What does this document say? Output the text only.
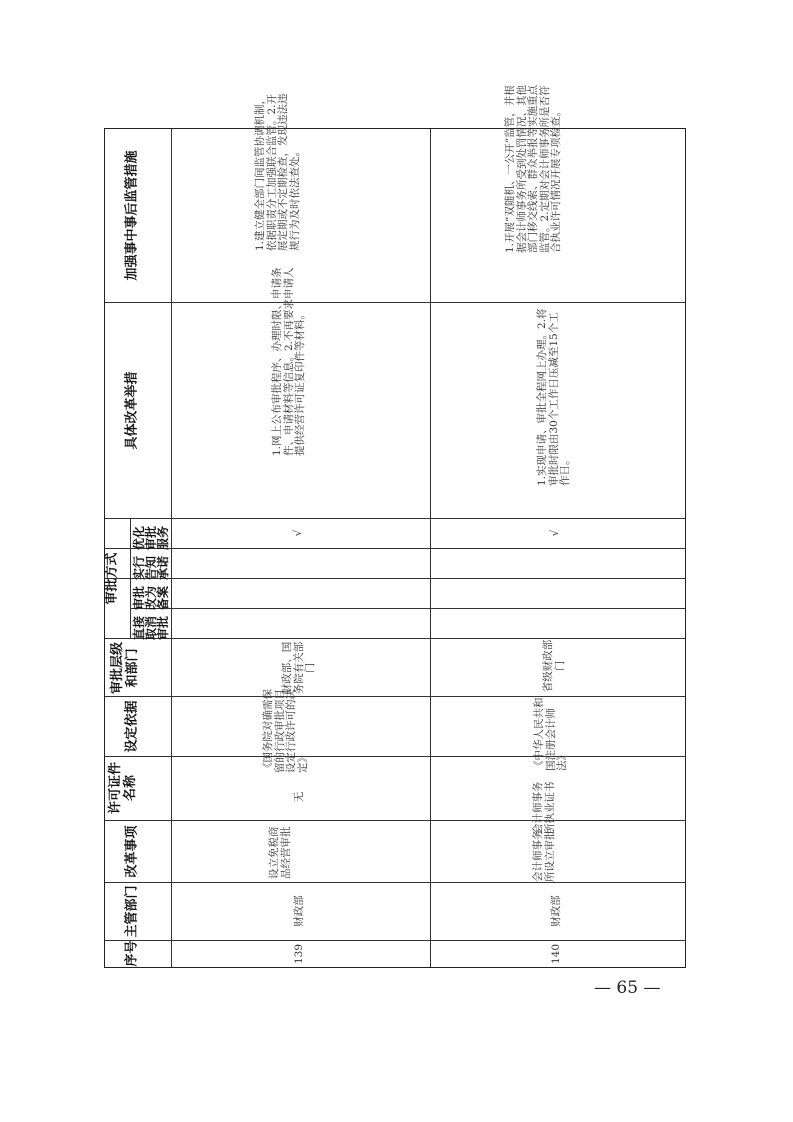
加强事中事后监管措施
具体改革举措
优化审批服务
实行告知承诺
审批改为备案
直接取消审批
审批方式
审批层级和部门
设定依据
许可证件名称
改革事项
主管部门
序号
1.建立健全部门间监管协调机制，依据职责分工加强联合监管。2.开展定期或不定期检查，发现违法违规行为及时依法查处。
1.网上公布审批程序、办理时限、申请条件、申请材料等信息。2.不再要求申请人提供经营许可证复印件等材料。
√
财政部、国务院有关部门
《国务院对确需保留的行政审批项目设定行政许可的决定》
无
设立免税商品经营审批
财政部
139
1.开展“双随机、一公开”监管，并根据会计师事务所受到处罚情况、其他部门移交线索、群众举报等实施重点监管。2.定期对会计师事务所是否符合执业许可情况开展专项检查。
1.实现申请、审批全程网上办理。2.将审批时限由30个工作日压减至15个工作日。
√
省级财政部门
《中华人民共和国注册会计师法》
会计师事务所执业证书
会计师事务所设立审批
财政部
140
— 65 —
